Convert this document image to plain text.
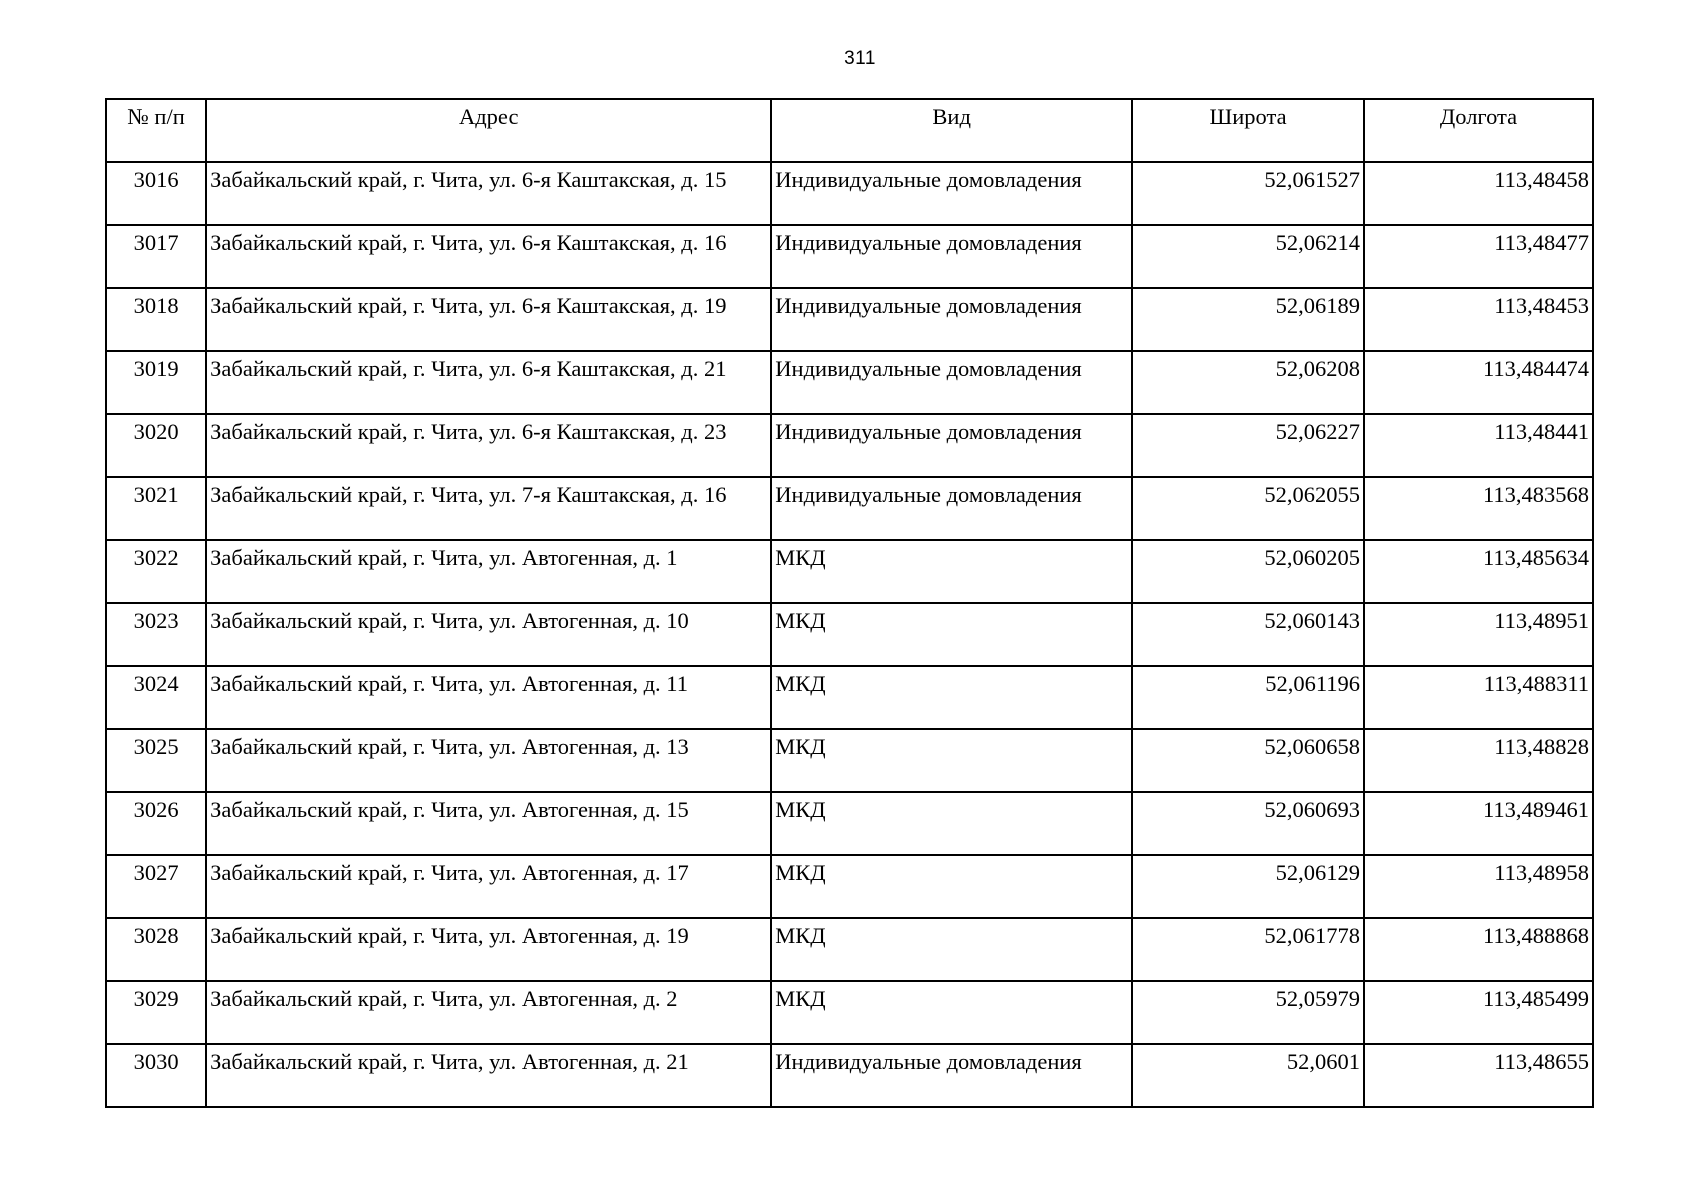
311
№ п/п	Адрес	Вид	Широта	Долгота
3016	Забайкальский край, г. Чита, ул. 6-я Каштакская, д. 15	Индивидуальные домовладения	52,061527	113,48458
3017	Забайкальский край, г. Чита, ул. 6-я Каштакская, д. 16	Индивидуальные домовладения	52,06214	113,48477
3018	Забайкальский край, г. Чита, ул. 6-я Каштакская, д. 19	Индивидуальные домовладения	52,06189	113,48453
3019	Забайкальский край, г. Чита, ул. 6-я Каштакская, д. 21	Индивидуальные домовладения	52,06208	113,484474
3020	Забайкальский край, г. Чита, ул. 6-я Каштакская, д. 23	Индивидуальные домовладения	52,06227	113,48441
3021	Забайкальский край, г. Чита, ул. 7-я Каштакская, д. 16	Индивидуальные домовладения	52,062055	113,483568
3022	Забайкальский край, г. Чита, ул. Автогенная, д. 1	МКД	52,060205	113,485634
3023	Забайкальский край, г. Чита, ул. Автогенная, д. 10	МКД	52,060143	113,48951
3024	Забайкальский край, г. Чита, ул. Автогенная, д. 11	МКД	52,061196	113,488311
3025	Забайкальский край, г. Чита, ул. Автогенная, д. 13	МКД	52,060658	113,48828
3026	Забайкальский край, г. Чита, ул. Автогенная, д. 15	МКД	52,060693	113,489461
3027	Забайкальский край, г. Чита, ул. Автогенная, д. 17	МКД	52,06129	113,48958
3028	Забайкальский край, г. Чита, ул. Автогенная, д. 19	МКД	52,061778	113,488868
3029	Забайкальский край, г. Чита, ул. Автогенная, д. 2	МКД	52,05979	113,485499
3030	Забайкальский край, г. Чита, ул. Автогенная, д. 21	Индивидуальные домовладения	52,0601	113,48655
